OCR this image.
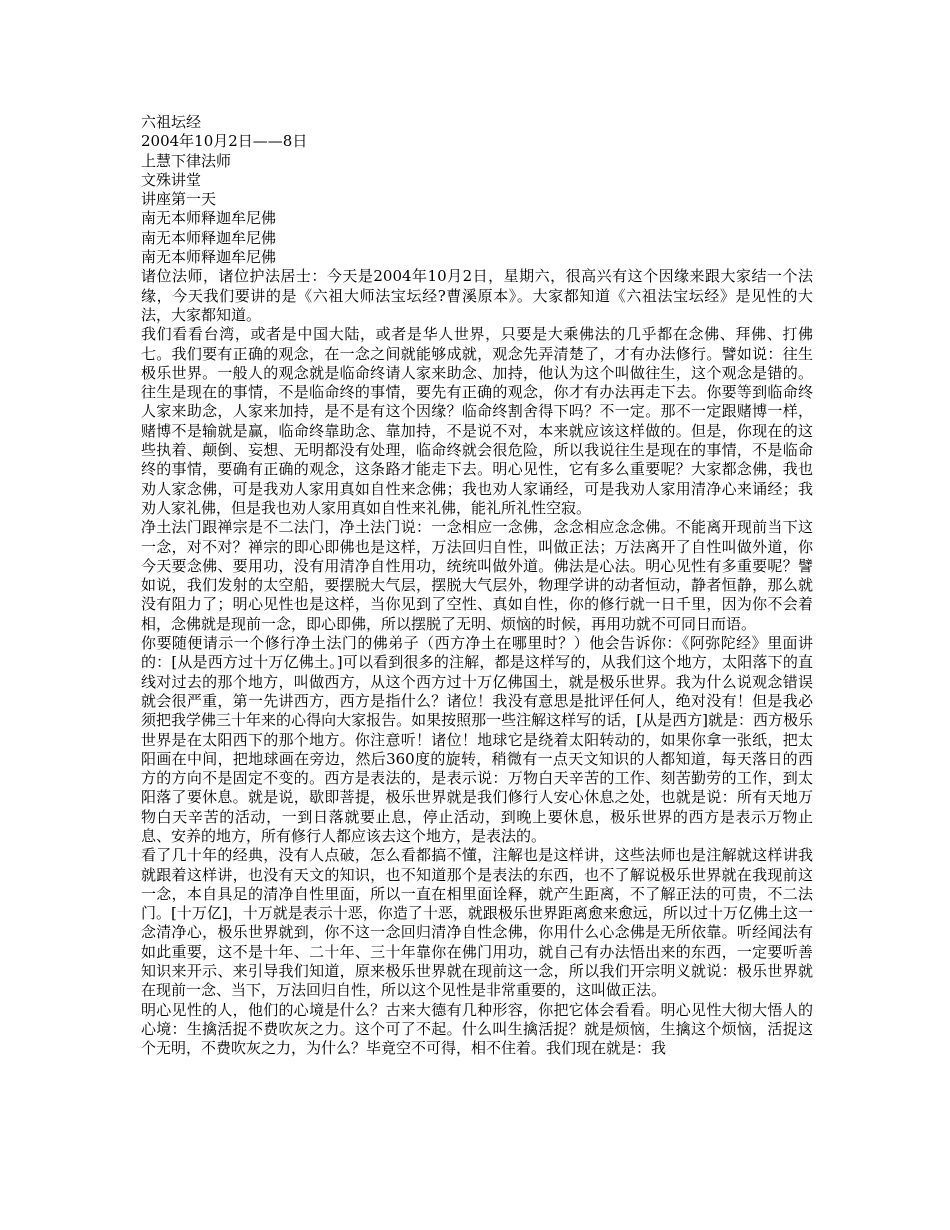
六祖坛经
2004年10月2日——8日
上慧下律法师
文殊讲堂
讲座第一天
南无本师释迦牟尼佛
南无本师释迦牟尼佛
南无本师释迦牟尼佛

诸位法师，诸位护法居士：今天是2004年10月2日，星期六，很高兴有这个因缘来跟大家结一个法缘，今天我们要讲的是《六祖大师法宝坛经?曹溪原本》。大家都知道《六祖法宝坛经》是见性的大法，大家都知道。

我们看看台湾，或者是中国大陆，或者是华人世界，只要是大乘佛法的几乎都在念佛、拜佛、打佛七。我们要有正确的观念，在一念之间就能够成就，观念先弄清楚了，才有办法修行。譬如说：往生极乐世界。一般人的观念就是临命终请人家来助念、加持，他认为这个叫做往生，这个观念是错的。往生是现在的事情，不是临命终的事情，要先有正确的观念，你才有办法再走下去。你要等到临命终人家来助念，人家来加持，是不是有这个因缘？临命终割舍得下吗？不一定。那不一定跟赌博一样，赌博不是输就是赢，临命终靠助念、靠加持，不是说不对，本来就应该这样做的。但是，你现在的这些执着、颠倒、妄想、无明都没有处理，临命终就会很危险，所以我说往生是现在的事情，不是临命终的事情，要确有正确的观念，这条路才能走下去。明心见性，它有多么重要呢？大家都念佛，我也劝人家念佛，可是我劝人家用真如自性来念佛；我也劝人家诵经，可是我劝人家用清净心来诵经；我劝人家礼佛，但是我也劝人家用真如自性来礼佛，能礼所礼性空寂。

净土法门跟禅宗是不二法门，净土法门说：一念相应一念佛，念念相应念念佛。不能离开现前当下这一念，对不对？禅宗的即心即佛也是这样，万法回归自性，叫做正法；万法离开了自性叫做外道，你今天要念佛、要用功，没有用清净自性用功，统统叫做外道。佛法是心法。明心见性有多重要呢？譬如说，我们发射的太空船，要摆脱大气层，摆脱大气层外，物理学讲的动者恒动，静者恒静，那么就没有阻力了；明心见性也是这样，当你见到了空性、真如自性，你的修行就一日千里，因为你不会着相，念佛就是现前一念，即心即佛，所以摆脱了无明、烦恼的时候，再用功就不可同日而语。

你要随便请示一个修行净土法门的佛弟子（西方净土在哪里时？）他会告诉你：《阿弥陀经》里面讲的：[从是西方过十万亿佛土。]可以看到很多的注解，都是这样写的，从我们这个地方，太阳落下的直线对过去的那个地方，叫做西方，从这个西方过十万亿佛国土，就是极乐世界。我为什么说观念错误就会很严重，第一先讲西方，西方是指什么？诸位！我没有意思是批评任何人，绝对没有！但是我必须把我学佛三十年来的心得向大家报告。如果按照那一些注解这样写的话，[从是西方]就是：西方极乐世界是在太阳西下的那个地方。你注意听！诸位！地球它是绕着太阳转动的，如果你拿一张纸，把太阳画在中间，把地球画在旁边，然后360度的旋转，稍微有一点天文知识的人都知道，每天落日的西方的方向不是固定不变的。西方是表法的，是表示说：万物白天辛苦的工作、刻苦勤劳的工作，到太阳落了要休息。就是说，歇即菩提，极乐世界就是我们修行人安心休息之处，也就是说：所有天地万物白天辛苦的活动，一到日落就要止息，停止活动，到晚上要休息，极乐世界的西方是表示万物止息、安养的地方，所有修行人都应该去这个地方，是表法的。

看了几十年的经典，没有人点破，怎么看都搞不懂，注解也是这样讲，这些法师也是注解就这样讲我就跟着这样讲，也没有天文的知识，也不知道那个是表法的东西，也不了解说极乐世界就在我现前这一念，本自具足的清净自性里面，所以一直在相里面诠释，就产生距离，不了解正法的可贵，不二法门。[十万亿]，十万就是表示十恶，你造了十恶，就跟极乐世界距离愈来愈远，所以过十万亿佛土这一念清净心，极乐世界就到，你不这一念回归清净自性念佛，你用什么心念佛是无所依靠。听经闻法有如此重要，这不是十年、二十年、三十年靠你在佛门用功，就自己有办法悟出来的东西，一定要听善知识来开示、来引导我们知道，原来极乐世界就在现前这一念，所以我们开宗明义就说：极乐世界就在现前一念、当下，万法回归自性，所以这个见性是非常重要的，这叫做正法。

明心见性的人，他们的心境是什么？古来大德有几种形容，你把它体会看看。明心见性大彻大悟人的心境：生擒活捉不费吹灰之力。这个可了不起。什么叫生擒活捉？就是烦恼，生擒这个烦恼，活捉这个无明，不费吹灰之力，为什么？毕竟空不可得，相不住着。我们现在就是：我
